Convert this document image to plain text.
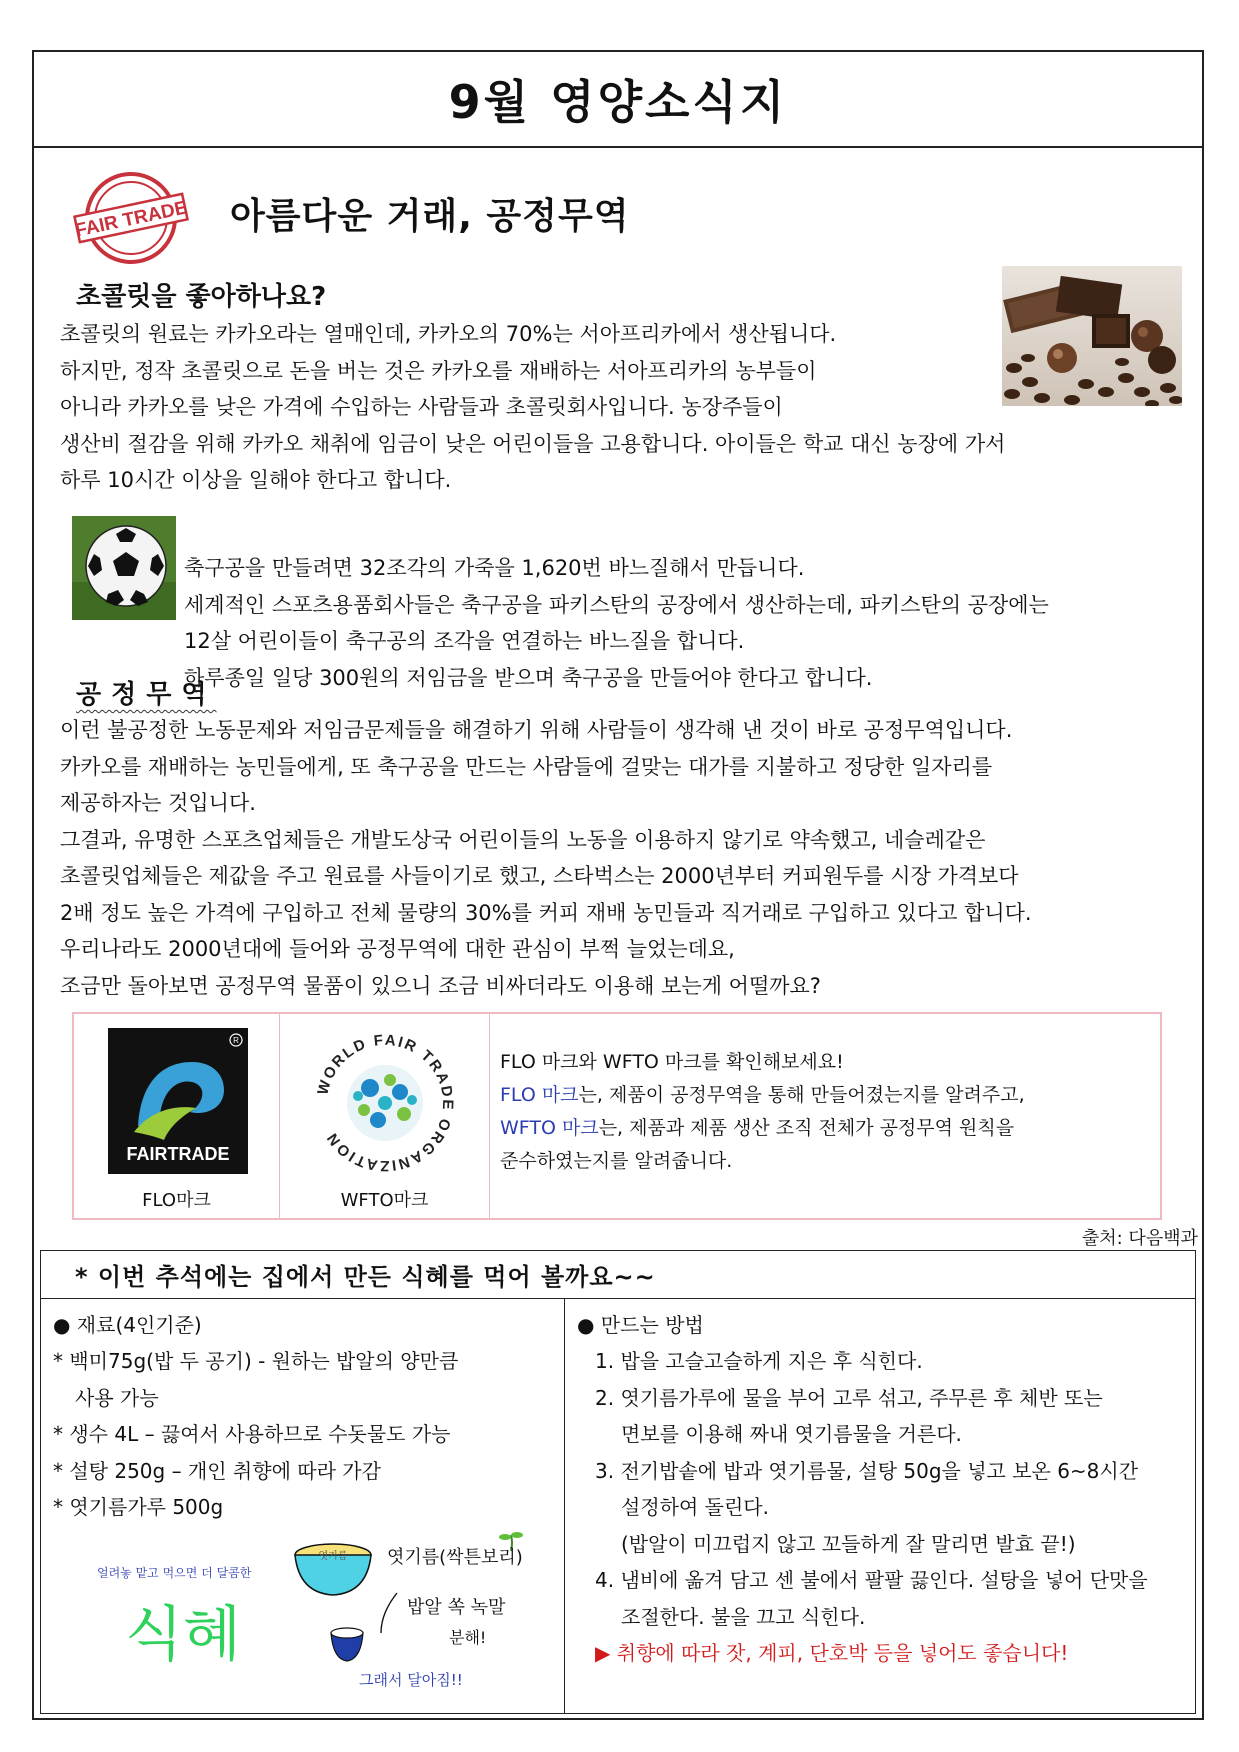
9월 영양소식지
FAIR TRADE 아름다운 거래, 공정무역
초콜릿을 좋아하나요?
초콜릿의 원료는 카카오라는 열매인데, 카카오의 70%는 서아프리카에서 생산됩니다.
하지만, 정작 초콜릿으로 돈을 버는 것은 카카오를 재배하는 서아프리카의 농부들이
아니라 카카오를 낮은 가격에 수입하는 사람들과 초콜릿회사입니다. 농장주들이
생산비 절감을 위해 카카오 채취에 임금이 낮은 어린이들을 고용합니다. 아이들은 학교 대신 농장에 가서
하루 10시간 이상을 일해야 한다고 합니다.
축구공을 만들려면 32조각의 가죽을 1,620번 바느질해서 만듭니다.
세계적인 스포츠용품회사들은 축구공을 파키스탄의 공장에서 생산하는데, 파키스탄의 공장에는
12살 어린이들이 축구공의 조각을 연결하는 바느질을 합니다.
하루종일 일당 300원의 저임금을 받으며 축구공을 만들어야 한다고 합니다.
공정무역
이런 불공정한 노동문제와 저임금문제들을 해결하기 위해 사람들이 생각해 낸 것이 바로 공정무역입니다.
카카오를 재배하는 농민들에게, 또 축구공을 만드는 사람들에 걸맞는 대가를 지불하고 정당한 일자리를
제공하자는 것입니다.
그결과, 유명한 스포츠업체들은 개발도상국 어린이들의 노동을 이용하지 않기로 약속했고, 네슬레같은
초콜릿업체들은 제값을 주고 원료를 사들이기로 했고, 스타벅스는 2000년부터 커피원두를 시장 가격보다
2배 정도 높은 가격에 구입하고 전체 물량의 30%를 커피 재배 농민들과 직거래로 구입하고 있다고 합니다.
우리나라도 2000년대에 들어와 공정무역에 대한 관심이 부쩍 늘었는데요,
조금만 돌아보면 공정무역 물품이 있으니 조금 비싸더라도 이용해 보는게 어떨까요?
R
FAIRTRADE
FLO마크
WORLD FAIR TRADE ORGANIZATION
WFTO마크
FLO 마크와 WFTO 마크를 확인해보세요!
FLO 마크는, 제품이 공정무역을 통해 만들어졌는지를 알려주고,
WFTO 마크는, 제품과 제품 생산 조직 전체가 공정무역 원칙을
준수하였는지를 알려줍니다.
출처: 다음백과
* 이번 추석에는 집에서 만든 식혜를 먹어 볼까요~~
● 재료(4인기준)
* 백미75g(밥 두 공기) - 원하는 밥알의 양만큼
사용 가능
* 생수 4L – 끓여서 사용하므로 수돗물도 가능
* 설탕 250g – 개인 취향에 따라 가감
* 엿기름가루 500g
얼려놓 맡고 먹으면 더 달콤한
식혜
엿기름 엿기름(싹튼보리)
밥알 쏙 녹말
분해!
그래서 달아짐!!
● 만드는 방법
1. 밥을 고슬고슬하게 지은 후 식힌다.
2. 엿기름가루에 물을 부어 고루 섞고, 주무른 후 체반 또는
면보를 이용해 짜내 엿기름물을 거른다.
3. 전기밥솥에 밥과 엿기름물, 설탕 50g을 넣고 보온 6~8시간
설정하여 돌린다.
(밥알이 미끄럽지 않고 꼬들하게 잘 말리면 발효 끝!)
4. 냄비에 옮겨 담고 센 불에서 팔팔 끓인다. 설탕을 넣어 단맛을
조절한다. 불을 끄고 식힌다.
▶ 취향에 따라 잣, 계피, 단호박 등을 넣어도 좋습니다!
